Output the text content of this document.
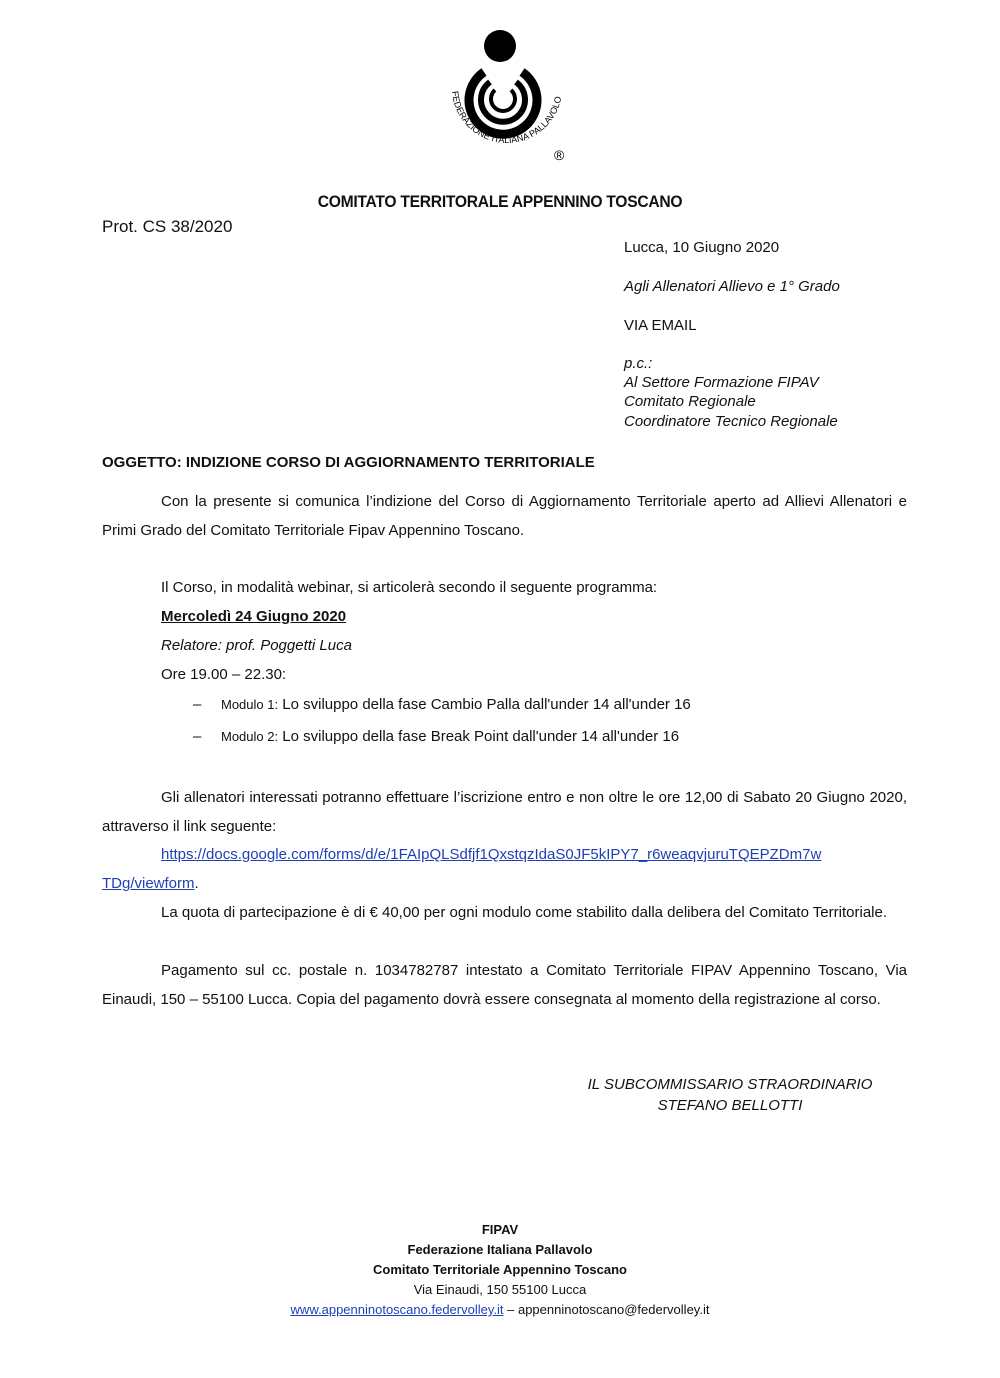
FEDERAZIONE ITALIANA PALLAVOLO
®
COMITATO TERRITORALE APPENNINO TOSCANO
Prot. CS 38/2020
Lucca, 10 Giugno 2020
Agli Allenatori Allievo e 1° Grado
VIA EMAIL
p.c.:
Al Settore Formazione FIPAV
Comitato Regionale
Coordinatore Tecnico Regionale
OGGETTO: INDIZIONE CORSO DI AGGIORNAMENTO TERRITORIALE
Con la presente si comunica l’indizione del Corso di Aggiornamento Territoriale aperto ad Allievi Allenatori e Primi Grado del Comitato Territoriale Fipav Appennino Toscano.
Il Corso, in modalità webinar, si articolerà secondo il seguente programma:
Mercoledì 24 Giugno 2020
Relatore: prof. Poggetti Luca
Ore 19.00 – 22.30:
– Modulo 1: Lo sviluppo della fase Cambio Palla dall'under 14 all'under 16
– Modulo 2: Lo sviluppo della fase Break Point dall'under 14 all'under 16
Gli allenatori interessati potranno effettuare l’iscrizione entro e non oltre le ore 12,00 di Sabato 20 Giugno 2020, attraverso il link seguente:
https://docs.google.com/forms/d/e/1FAIpQLSdfjf1QxstqzIdaS0JF5kIPY7_r6weaqvjuruTQEPZDm7w
TDg/viewform.
La quota di partecipazione è di € 40,00 per ogni modulo come stabilito dalla delibera del Comitato Territoriale.
Pagamento sul cc. postale n. 1034782787 intestato a Comitato Territoriale FIPAV Appennino Toscano, Via Einaudi, 150 – 55100 Lucca. Copia del pagamento dovrà essere consegnata al momento della registrazione al corso.
IL SUBCOMMISSARIO STRAORDINARIO
STEFANO BELLOTTI
FIPAV
Federazione Italiana Pallavolo
Comitato Territoriale Appennino Toscano
Via Einaudi, 150 55100 Lucca
www.appenninotoscano.federvolley.it – appenninotoscano@federvolley.it
